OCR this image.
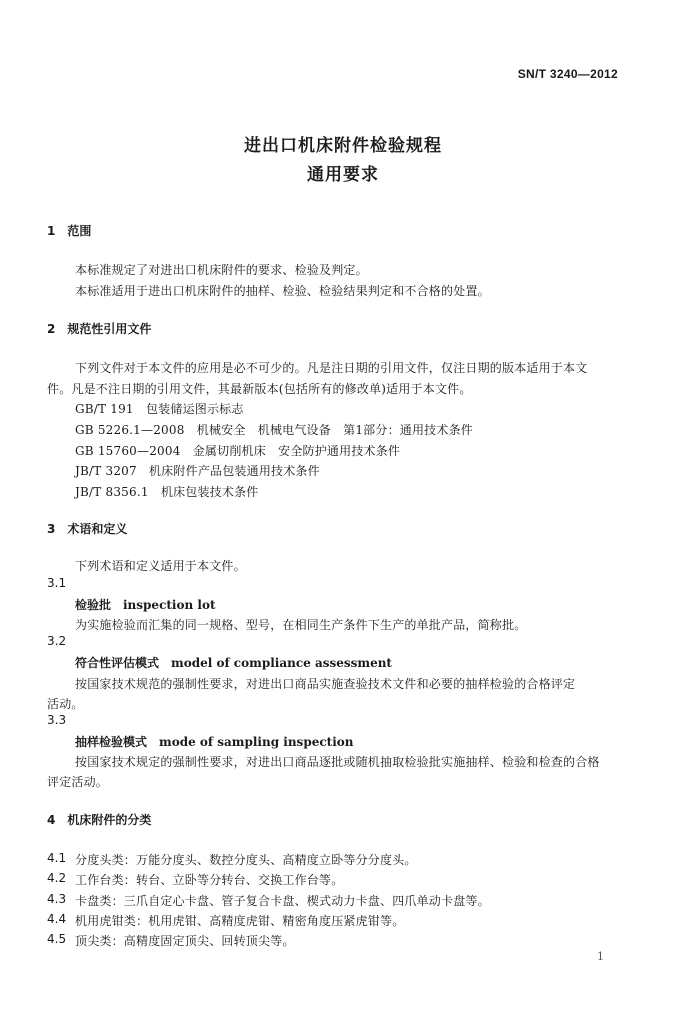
SN/T 3240—2012
进出口机床附件检验规程
通用要求
1　范围
本标准规定了对进出口机床附件的要求、检验及判定。
本标准适用于进出口机床附件的抽样、检验、检验结果判定和不合格的处置。
2　规范性引用文件
下列文件对于本文件的应用是必不可少的。凡是注日期的引用文件，仅注日期的版本适用于本文
件。凡是不注日期的引用文件，其最新版本(包括所有的修改单)适用于本文件。
GB/T 191　包装储运图示标志
GB 5226.1—2008　机械安全　机械电气设备　第1部分：通用技术条件
GB 15760—2004　金属切削机床　安全防护通用技术条件
JB/T 3207　机床附件产品包装通用技术条件
JB/T 8356.1　机床包装技术条件
3　术语和定义
下列术语和定义适用于本文件。
3.1
检验批　inspection lot
为实施检验而汇集的同一规格、型号，在相同生产条件下生产的单批产品，简称批。
3.2
符合性评估模式　model of compliance assessment
按国家技术规范的强制性要求，对进出口商品实施查验技术文件和必要的抽样检验的合格评定
活动。
3.3
抽样检验模式　mode of sampling inspection
按国家技术规定的强制性要求，对进出口商品逐批或随机抽取检验批实施抽样、检验和检查的合格
评定活动。
4　机床附件的分类
4.1 分度头类：万能分度头、数控分度头、高精度立卧等分分度头。
4.2 工作台类：转台、立卧等分转台、交换工作台等。
4.3 卡盘类：三爪自定心卡盘、管子复合卡盘、楔式动力卡盘、四爪单动卡盘等。
4.4 机用虎钳类：机用虎钳、高精度虎钳、精密角度压紧虎钳等。
4.5 顶尖类：高精度固定顶尖、回转顶尖等。
1
